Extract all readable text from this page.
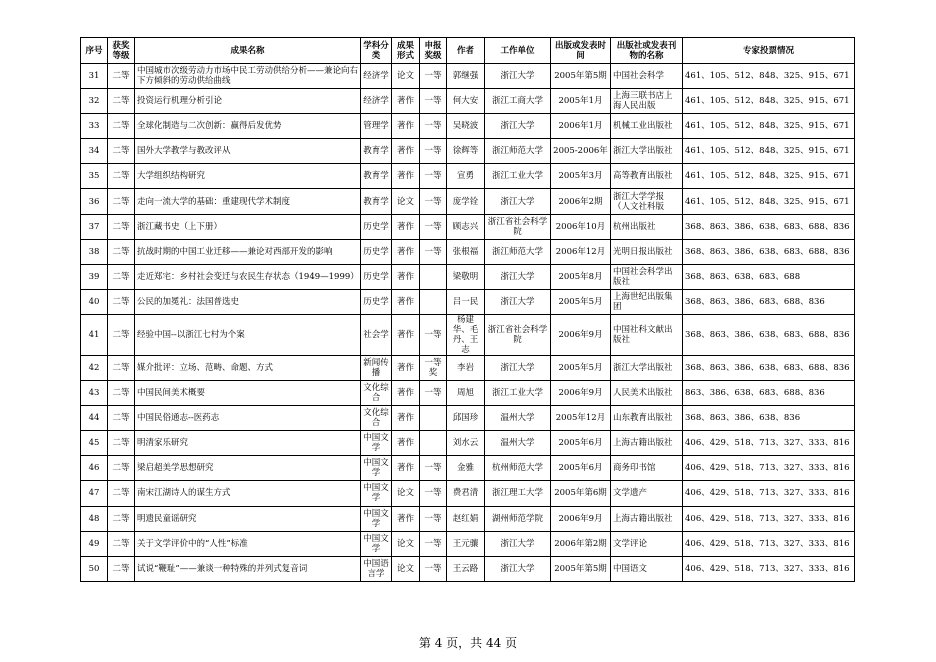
序号	获奖等级	成果名称	学科分类	成果形式	申报奖级	作者	工作单位	出版或发表时间	出版社或发表刊物的名称	专家投票情况
31	二等	中国城市次级劳动力市场中民工劳动供给分析——兼论向右下方倾斜的劳动供给曲线	经济学	论文	一等	郭继强	浙江大学	2005年第5期	中国社会科学	461、105、512、848、325、915、671
32	二等	投资运行机理分析引论	经济学	著作	一等	何大安	浙江工商大学	2005年1月	上海三联书店上海人民出版	461、105、512、848、325、915、671
33	二等	全球化制造与二次创新：赢得后发优势	管理学	著作	一等	吴晓波	浙江大学	2006年1月	机械工业出版社	461、105、512、848、325、915、671
34	二等	国外大学教学与教改评从	教育学	著作	一等	徐辉等	浙江师范大学	2005-2006年	浙江大学出版社	461、105、512、848、325、915、671
35	二等	大学组织结构研究	教育学	著作	一等	宣勇	浙江工业大学	2005年3月	高等教育出版社	461、105、512、848、325、915、671
36	二等	走向一流大学的基础：重建现代学术制度	教育学	论文	一等	庞学铨	浙江大学	2006年2期	浙江大学学报（人文社科版	461、105、512、848、325、915、671
37	二等	浙江藏书史（上下册）	历史学	著作	一等	顾志兴	浙江省社会科学院	2006年10月	杭州出版社	368、863、386、638、683、688、836
38	二等	抗战时期的中国工业迁移——兼论对西部开发的影响	历史学	著作	一等	张根福	浙江师范大学	2006年12月	光明日报出版社	368、863、386、638、683、688、836
39	二等	走近郑宅：乡村社会变迁与农民生存状态（1949—1999）	历史学	著作		梁敬明	浙江大学	2005年8月	中国社会科学出版社	368、863、638、683、688
40	二等	公民的加冕礼：法国普选史	历史学	著作		吕一民	浙江大学	2005年5月	上海世纪出版集团	368、863、386、683、688、836
41	二等	经验中国--以浙江七村为个案	社会学	著作	一等	杨建华、毛丹、王志	浙江省社会科学院	2006年9月	中国社科文献出版社	368、863、386、638、683、688、836
42	二等	媒介批评：立场、范畴、命题、方式	新闻传播	著作	一等奖	李岩	浙江大学	2005年5月	浙江大学出版社	368、863、386、638、683、688、836
43	二等	中国民间美术概要	文化综合	著作	一等	周旭	浙江工业大学	2006年9月	人民美术出版社	863、386、638、683、688、836
44	二等	中国民俗通志--医药志	文化综合	著作		邱国珍	温州大学	2005年12月	山东教育出版社	368、863、386、638、836
45	二等	明清家乐研究	中国文学	著作		刘水云	温州大学	2005年6月	上海古籍出版社	406、429、518、713、327、333、816
46	二等	梁启超美学思想研究	中国文学	著作	一等	金雅	杭州师范大学	2005年6月	商务印书馆	406、429、518、713、327、333、816
47	二等	南宋江湖诗人的谋生方式	中国文学	论文	一等	费君清	浙江理工大学	2005年第6期	文学遗产	406、429、518、713、327、333、816
48	二等	明遗民童谣研究	中国文学	著作	一等	赵红娟	湖州师范学院	2006年9月	上海古籍出版社	406、429、518、713、327、333、816
49	二等	关于文学评价中的“人性”标准	中国文学	论文	一等	王元骧	浙江大学	2006年第2期	文学评论	406、429、518、713、327、333、816
50	二等	试说“鞭耻”——兼谈一种特殊的并列式复音词	中国语言学	论文	一等	王云路	浙江大学	2005年第5期	中国语文	406、429、518、713、327、333、816
第 4 页，共 44 页
